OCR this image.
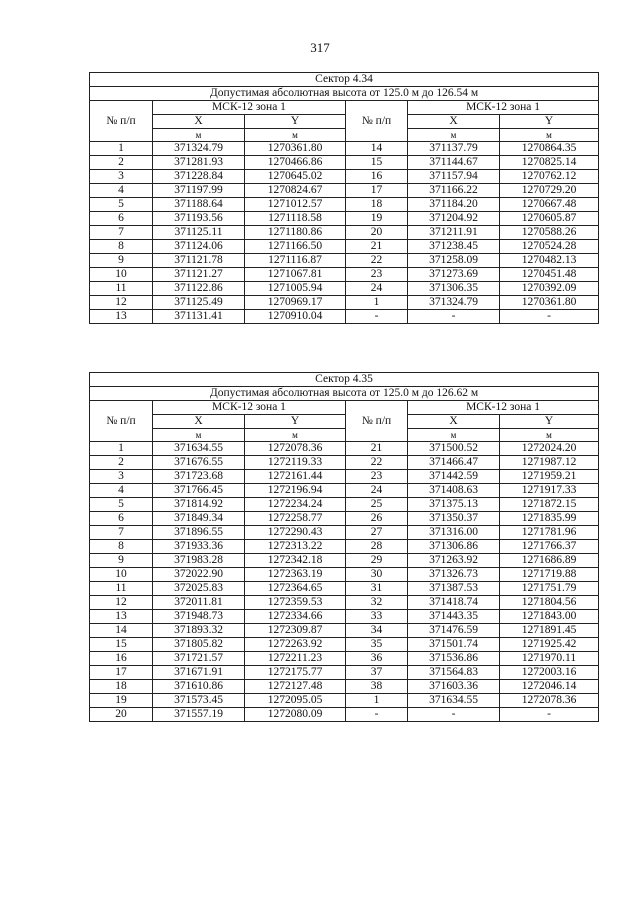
317
Сектор 4.34					
Допустимая абсолютная высота от 125.0 м до 126.54 м					
№ п/п	МСК-12 зона 1		№ п/п	МСК-12 зона 1	
	X	Y		X	Y
	м	м		м	м
1	371324.79	1270361.80	14	371137.79	1270864.35
2	371281.93	1270466.86	15	371144.67	1270825.14
3	371228.84	1270645.02	16	371157.94	1270762.12
4	371197.99	1270824.67	17	371166.22	1270729.20
5	371188.64	1271012.57	18	371184.20	1270667.48
6	371193.56	1271118.58	19	371204.92	1270605.87
7	371125.11	1271180.86	20	371211.91	1270588.26
8	371124.06	1271166.50	21	371238.45	1270524.28
9	371121.78	1271116.87	22	371258.09	1270482.13
10	371121.27	1271067.81	23	371273.69	1270451.48
11	371122.86	1271005.94	24	371306.35	1270392.09
12	371125.49	1270969.17	1	371324.79	1270361.80
13	371131.41	1270910.04	-	-	-
Сектор 4.35					
Допустимая абсолютная высота от 125.0 м до 126.62 м					
№ п/п	МСК-12 зона 1		№ п/п	МСК-12 зона 1	
	X	Y		X	Y
	м	м		м	м
1	371634.55	1272078.36	21	371500.52	1272024.20
2	371676.55	1272119.33	22	371466.47	1271987.12
3	371723.68	1272161.44	23	371442.59	1271959.21
4	371766.45	1272196.94	24	371408.63	1271917.33
5	371814.92	1272234.24	25	371375.13	1271872.15
6	371849.34	1272258.77	26	371350.37	1271835.99
7	371896.55	1272290.43	27	371316.00	1271781.96
8	371933.36	1272313.22	28	371306.86	1271766.37
9	371983.28	1272342.18	29	371263.92	1271686.89
10	372022.90	1272363.19	30	371326.73	1271719.88
11	372025.83	1272364.65	31	371387.53	1271751.79
12	372011.81	1272359.53	32	371418.74	1271804.56
13	371948.73	1272334.66	33	371443.35	1271843.00
14	371893.32	1272309.87	34	371476.59	1271891.45
15	371805.82	1272263.92	35	371501.74	1271925.42
16	371721.57	1272211.23	36	371536.86	1271970.11
17	371671.91	1272175.77	37	371564.83	1272003.16
18	371610.86	1272127.48	38	371603.36	1272046.14
19	371573.45	1272095.05	1	371634.55	1272078.36
20	371557.19	1272080.09	-	-	-
